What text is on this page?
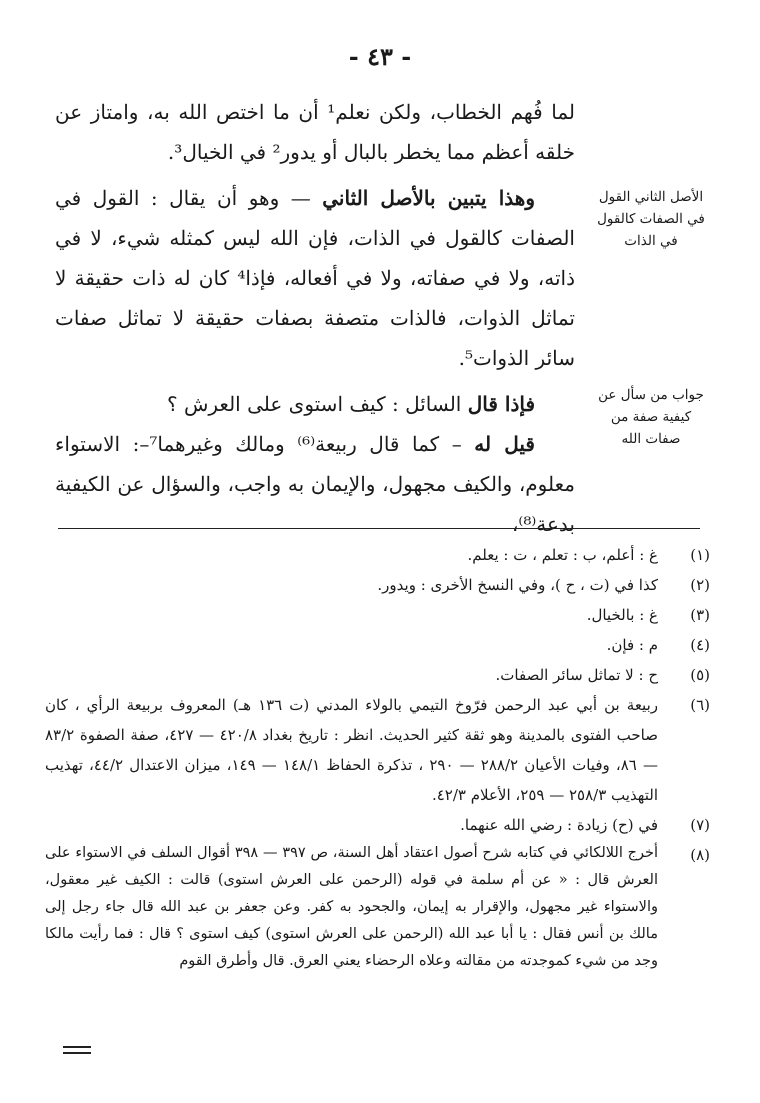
- ٤٣ -

لما فُهم الخطاب، ولكن نعلم¹ أن ما اختص الله به، وامتاز عن خلقه أعظم مما يخطر بالبال أو يدور² في الخيال³.

وهذا يتبين بالأصل الثاني — وهو أن يقال : القول في الصفات كالقول في الذات، فإن الله ليس كمثله شيء، لا في ذاته، ولا في صفاته، ولا في أفعاله، فإذا⁴ كان له ذات حقيقة لا تماثل الذوات، فالذات متصفة بصفات حقيقة لا تماثل صفات سائر الذوات⁵.

فإذا قال السائل : كيف استوى على العرش ؟

قيل له – كما قال ربيعة⁽⁶⁾ ومالك وغيرهما⁷–: الاستواء معلوم، والكيف مجهول، والإيمان به واجب، والسؤال عن الكيفية بدعة⁽⁸⁾،

الأصل الثاني القول في الصفات كالقول في الذات
جواب من سأل عن كيفية صفة من صفات الله
(١)
غ : أعلم، ب : تعلم ، ت : يعلم.
(٢)
كذا في (ت ، ح )، وفي النسخ الأخرى : ويدور.
(٣)
غ : بالخيال.
(٤)
م : فإن.
(٥)
ح : لا تماثل سائر الصفات.
(٦)
ربيعة بن أبي عبد الرحمن فرّوخ التيمي بالولاء المدني (ت ١٣٦ هـ) المعروف بربيعة الرأي ، كان صاحب الفتوى بالمدينة وهو ثقة كثير الحديث. انظر : تاريخ بغداد ٤٢٠/٨ — ٤٢٧، صفة الصفوة ٨٣/٢ — ٨٦، وفيات الأعيان ٢٨٨/٢ — ٢٩٠ ، تذكرة الحفاظ ١٤٨/١ — ١٤٩، ميزان الاعتدال ٤٤/٢، تهذيب التهذيب ٢٥٨/٣ — ٢٥٩، الأعلام ٤٢/٣.
(٧)
في (ح) زيادة : رضي الله عنهما.
(٨)
أخرج اللالكائي في كتابه شرح أصول اعتقاد أهل السنة، ص ٣٩٧ — ٣٩٨ أقوال السلف في الاستواء على العرش قال : « عن أم سلمة في قوله (الرحمن على العرش استوى) قالت : الكيف غير معقول، والاستواء غير مجهول، والإقرار به إيمان، والجحود به كفر. وعن جعفر بن عبد الله قال جاء رجل إلى مالك بن أنس فقال : يا أبا عبد الله (الرحمن على العرش استوى) كيف استوى ؟ قال : فما رأيت مالكا وجد من شيء كموجدته من مقالته وعلاه الرحضاء يعني العرق. قال وأطرق القوم
